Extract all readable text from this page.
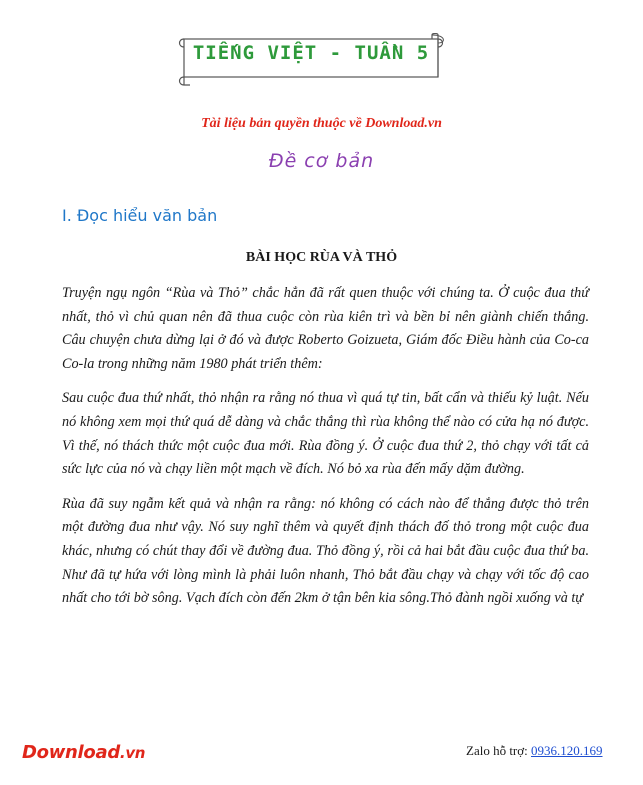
TIẾNG VIỆT - TUẦN 5
Tài liệu bản quyền thuộc về Download.vn
Đề cơ bản
I. Đọc hiểu văn bản
BÀI HỌC RÙA VÀ THỎ

Truyện ngụ ngôn “Rùa và Thỏ” chắc hẳn đã rất quen thuộc với chúng ta. Ở cuộc đua thứ nhất, thỏ vì chủ quan nên đã thua cuộc còn rùa kiên trì và bền bỉ nên giành chiến thắng. Câu chuyện chưa dừng lại ở đó và được Roberto Goizueta, Giám đốc Điều hành của Co-ca Co-la trong những năm 1980 phát triển thêm:

Sau cuộc đua thứ nhất, thỏ nhận ra rằng nó thua vì quá tự tin, bất cẩn và thiếu kỷ luật. Nếu nó không xem mọi thứ quá dễ dàng và chắc thắng thì rùa không thể nào có cửa hạ nó được. Vì thế, nó thách thức một cuộc đua mới. Rùa đồng ý. Ở cuộc đua thứ 2, thỏ chạy với tất cả sức lực của nó và chạy liền một mạch về đích. Nó bỏ xa rùa đến mấy dặm đường.

Rùa đã suy ngẫm kết quả và nhận ra rằng: nó không có cách nào để thắng được thỏ trên một đường đua như vậy. Nó suy nghĩ thêm và quyết định thách đố thỏ trong một cuộc đua khác, nhưng có chút thay đổi về đường đua. Thỏ đồng ý, rồi cả hai bắt đầu cuộc đua thứ ba. Như đã tự hứa với lòng mình là phải luôn nhanh, Thỏ bắt đầu chạy và chạy với tốc độ cao nhất cho tới bờ sông. Vạch đích còn đến 2km ở tận bên kia sông.Thỏ đành ngồi xuống và tự

Download.vn	Zalo hỗ trợ: 0936.120.169
